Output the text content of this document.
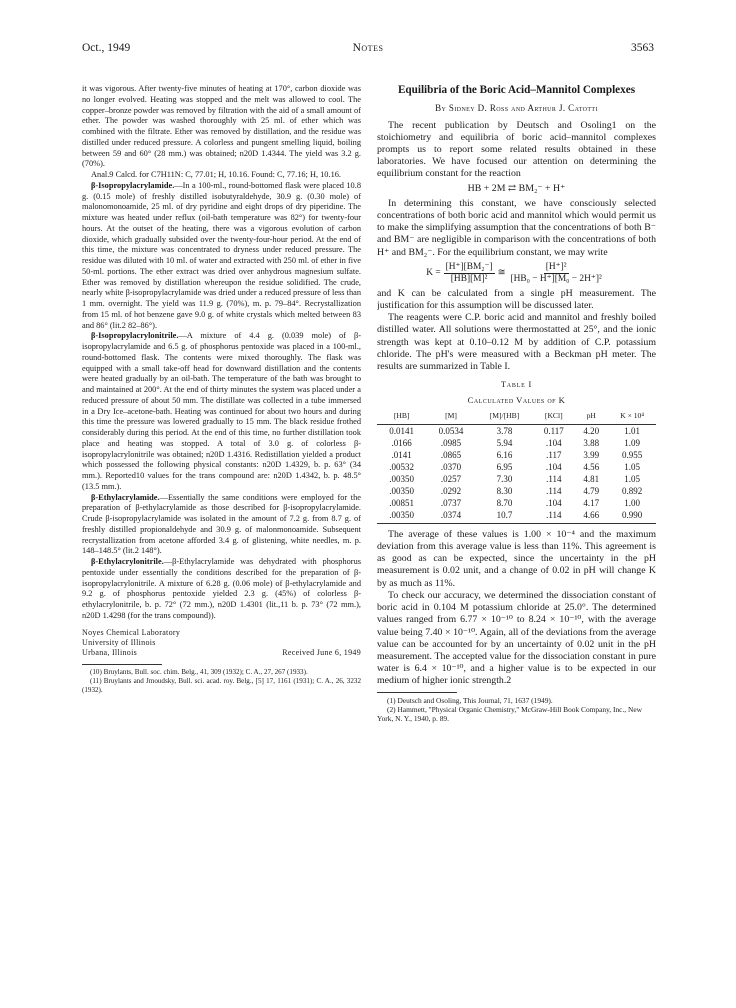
Oct., 1949	Notes	3563

it was vigorous. After twenty-five minutes of heating at 170°, carbon dioxide was no longer evolved. Heating was stopped and the melt was allowed to cool. The copper–bronze powder was removed by filtration with the aid of a small amount of ether. The powder was washed thoroughly with 25 ml. of ether which was combined with the filtrate. Ether was removed by distillation, and the residue was distilled under reduced pressure. A colorless and pungent smelling liquid, boiling between 59 and 60° (28 mm.) was obtained; n20D 1.4344. The yield was 3.2 g. (70%).

Anal.9 Calcd. for C7H11N: C, 77.01; H, 10.16. Found: C, 77.16; H, 10.16.

β-Isopropylacrylamide.—In a 100-ml., round-bottomed flask were placed 10.8 g. (0.15 mole) of freshly distilled isobutyraldehyde, 30.9 g. (0.30 mole) of malonomonoamide, 25 ml. of dry pyridine and eight drops of dry piperidine. The mixture was heated under reflux (oil-bath temperature was 82°) for twenty-four hours. At the outset of the heating, there was a vigorous evolution of carbon dioxide, which gradually subsided over the twenty-four-hour period. At the end of this time, the mixture was concentrated to dryness under reduced pressure. The residue was diluted with 10 ml. of water and extracted with 250 ml. of ether in five 50-ml. portions. The ether extract was dried over anhydrous magnesium sulfate. Ether was removed by distillation whereupon the residue solidified. The crude, nearly white β-isopropylacrylamide was dried under a reduced pressure of less than 1 mm. overnight. The yield was 11.9 g. (70%), m. p. 79–84°. Recrystallization from 15 ml. of hot benzene gave 9.0 g. of white crystals which melted between 83 and 86° (lit.2 82–86°).

β-Isopropylacrylonitrile.—A mixture of 4.4 g. (0.039 mole) of β-isopropylacrylamide and 6.5 g. of phosphorus pentoxide was placed in a 100-ml., round-bottomed flask. The contents were mixed thoroughly. The flask was equipped with a small take-off head for downward distillation and the contents were heated gradually by an oil-bath. The temperature of the bath was brought to and maintained at 200°. At the end of thirty minutes the system was placed under a reduced pressure of about 50 mm. The distillate was collected in a tube immersed in a Dry Ice–acetone-bath. Heating was continued for about two hours and during this time the pressure was lowered gradually to 15 mm. The black residue frothed considerably during this period. At the end of this time, no further distillation took place and heating was stopped. A total of 3.0 g. of colorless β-isopropylacrylonitrile was obtained; n20D 1.4316. Redistillation yielded a product which possessed the following physical constants: n20D 1.4329, b. p. 63° (34 mm.). Reported10 values for the trans compound are: n20D 1.4342, b. p. 48.5° (13.5 mm.).

β-Ethylacrylamide.—Essentially the same conditions were employed for the preparation of β-ethylacrylamide as those described for β-isopropylacrylamide. Crude β-isopropylacrylamide was isolated in the amount of 7.2 g. from 8.7 g. of freshly distilled propionaldehyde and 30.9 g. of malonmonoamide. Subsequent recrystallization from acetone afforded 3.4 g. of glistening, white needles, m. p. 148–148.5° (lit.2 148°).

β-Ethylacrylonitrile.—β-Ethylacrylamide was dehydrated with phosphorus pentoxide under essentially the conditions described for the preparation of β-isopropylacrylonitrile. A mixture of 6.28 g. (0.06 mole) of β-ethylacrylamide and 9.2 g. of phosphorus pentoxide yielded 2.3 g. (45%) of colorless β-ethylacrylonitrile, b. p. 72° (72 mm.), n20D 1.4301 (lit.,11 b. p. 73° (72 mm.), n20D 1.4298 (for the trans compound)).

Noyes Chemical Laboratory
University of Illinois
Urbana, Illinois	Received June 6, 1949

(10) Bruylants, Bull. soc. chim. Belg., 41, 309 (1932); C. A., 27, 267 (1933).

(11) Bruylants and Jmoudsky, Bull. sci. acad. roy. Belg., [5] 17, 1161 (1931); C. A., 26, 3232 (1932).

Equilibria of the Boric Acid–Mannitol Complexes
By Sidney D. Ross and Arthur J. Catotti

The recent publication by Deutsch and Osoling1 on the stoichiometry and equilibria of boric acid–mannitol complexes prompts us to report some related results obtained in these laboratories. We have focused our attention on determining the equilibrium constant for the reaction

HB + 2M ⇄ BM₂⁻ + H⁺

In determining this constant, we have consciously selected concentrations of both boric acid and mannitol which would permit us to make the simplifying assumption that the concentrations of both B⁻ and BM⁻ are negligible in comparison with the concentrations of both H⁺ and BM₂⁻. For the equilibrium constant, we may write

$K = \frac{\text{[H⁺][BM₂⁻]}}{\text{[HB][M]²}}$ ≅ $\frac{\text{[H⁺]²}}{\text{[HB₀ − H⁺][M₀ − 2H⁺]²}}$

and K can be calculated from a single pH measurement. The justification for this assumption will be discussed later.

The reagents were C.P. boric acid and mannitol and freshly boiled distilled water. All solutions were thermostatted at 25°, and the ionic strength was kept at 0.10–0.12 M by addition of C.P. potassium chloride. The pH's were measured with a Beckman pH meter. The results are summarized in Table I.

Table I
Calculated Values of K
[HB]	[M]	[M]/[HB]	[KCl]	pH	K × 10⁴
0.0141	0.0534	3.78	0.117	4.20	1.01
.0166	.0985	5.94	.104	3.88	1.09
.0141	.0865	6.16	.117	3.99	0.955
.00532	.0370	6.95	.104	4.56	1.05
.00350	.0257	7.30	.114	4.81	1.05
.00350	.0292	8.30	.114	4.79	0.892
.00851	.0737	8.70	.104	4.17	1.00
.00350	.0374	10.7	.114	4.66	0.990

The average of these values is 1.00 × 10⁻⁴ and the maximum deviation from this average value is less than 11%. This agreement is as good as can be expected, since the uncertainty in the pH measurement is 0.02 unit, and a change of 0.02 in pH will change K by as much as 11%.

To check our accuracy, we determined the dissociation constant of boric acid in 0.104 M potassium chloride at 25.0°. The determined values ranged from 6.77 × 10⁻¹⁰ to 8.24 × 10⁻¹⁰, with the average value being 7.40 × 10⁻¹⁰. Again, all of the deviations from the average value can be accounted for by an uncertainty of 0.02 unit in the pH measurement. The accepted value for the dissociation constant in pure water is 6.4 × 10⁻¹⁰, and a higher value is to be expected in our medium of higher ionic strength.2

(1) Deutsch and Osoling, This Journal, 71, 1637 (1949).

(2) Hammett, "Physical Organic Chemistry," McGraw-Hill Book Company, Inc., New York, N. Y., 1940, p. 89.
